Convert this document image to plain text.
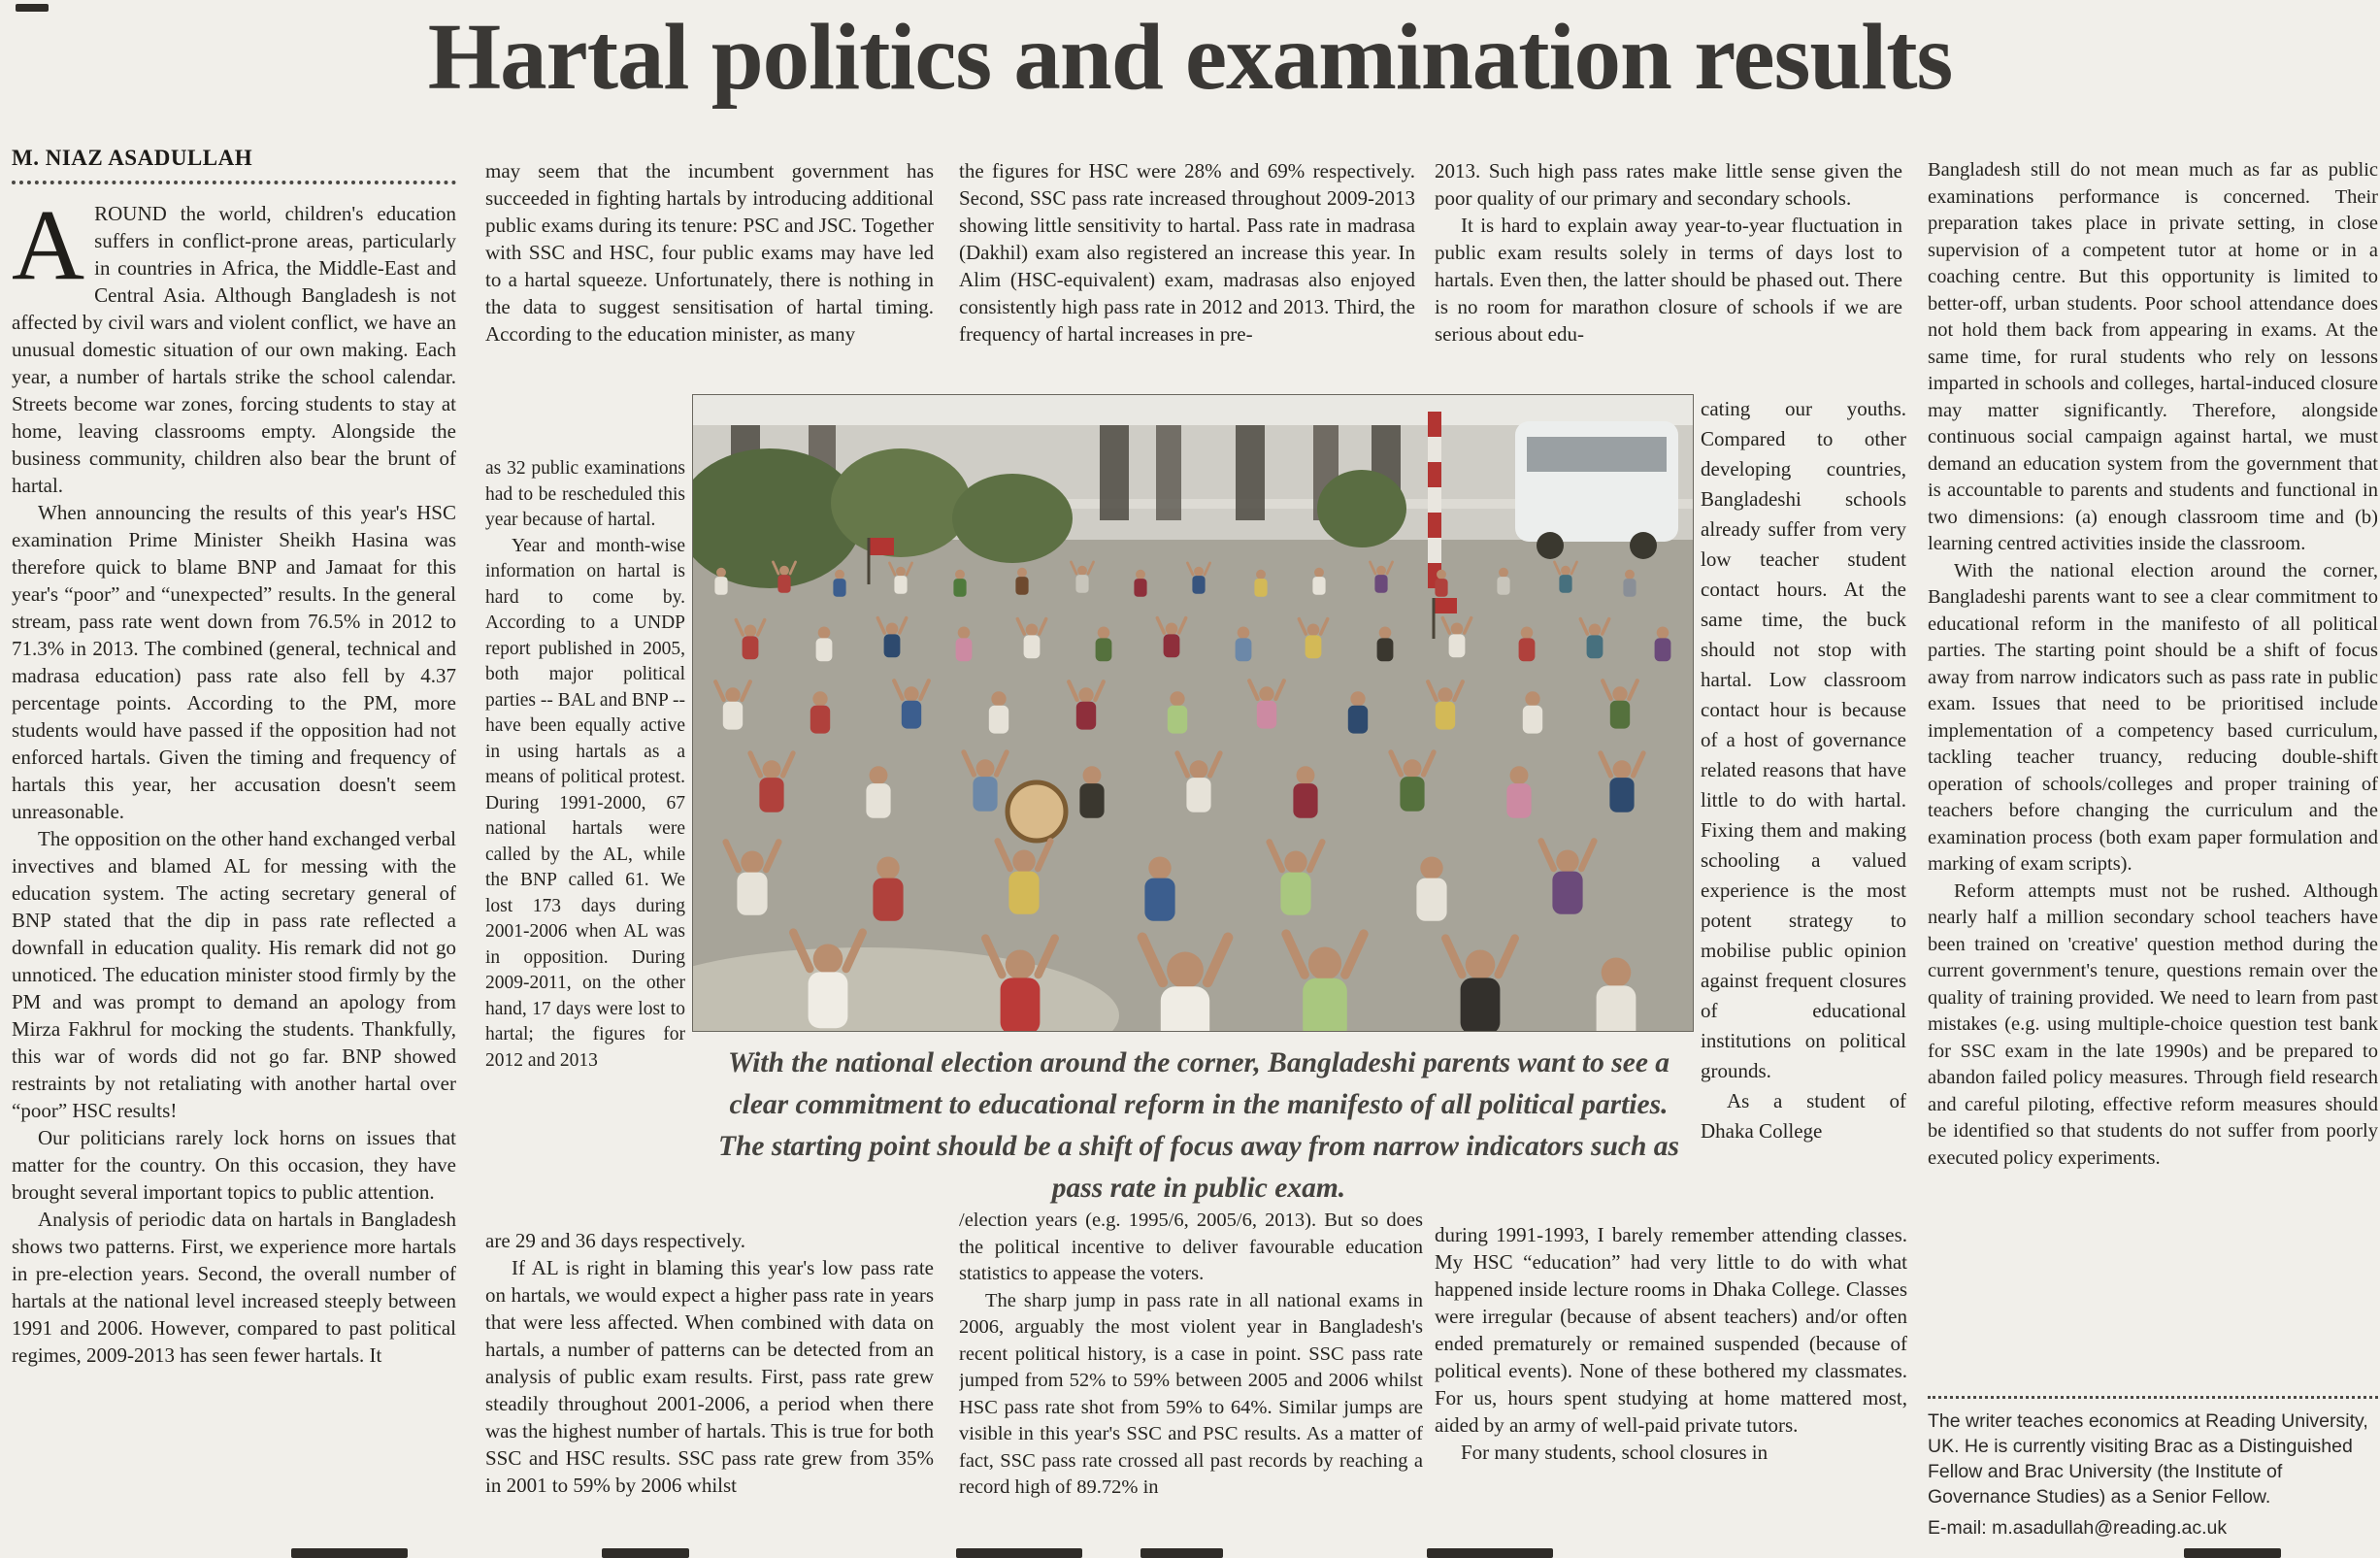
Hartal politics and examination results
M. NIAZ ASADULLAH

AROUND the world, children's education suffers in conflict-prone areas, particularly in countries in Africa, the Middle-East and Central Asia. Although Bangladesh is not affected by civil wars and violent conflict, we have an unusual domestic situation of our own making. Each year, a number of hartals strike the school calendar. Streets become war zones, forcing students to stay at home, leaving classrooms empty. Alongside the business community, children also bear the brunt of hartal.

When announcing the results of this year's HSC examination Prime Minister Sheikh Hasina was therefore quick to blame BNP and Jamaat for this year's “poor” and “unexpected” results. In the general stream, pass rate went down from 76.5% in 2012 to 71.3% in 2013. The combined (general, technical and madrasa education) pass rate also fell by 4.37 percentage points. According to the PM, more students would have passed if the opposition had not enforced hartals. Given the timing and frequency of hartals this year, her accusation doesn't seem unreasonable.

The opposition on the other hand exchanged verbal invectives and blamed AL for messing with the education system. The acting secretary general of BNP stated that the dip in pass rate reflected a downfall in education quality. His remark did not go unnoticed. The education minister stood firmly by the PM and was prompt to demand an apology from Mirza Fakhrul for mocking the students. Thankfully, this war of words did not go far. BNP showed restraints by not retaliating with another hartal over “poor” HSC results!

Our politicians rarely lock horns on issues that matter for the country. On this occasion, they have brought several important topics to public attention.

Analysis of periodic data on hartals in Bangladesh shows two patterns. First, we experience more hartals in pre-election years. Second, the overall number of hartals at the national level increased steeply between 1991 and 2006. However, compared to past political regimes, 2009-2013 has seen fewer hartals. It

may seem that the incumbent government has succeeded in fighting hartals by introducing additional public exams during its tenure: PSC and JSC. Together with SSC and HSC, four public exams may have led to a hartal squeeze. Unfortunately, there is nothing in the data to suggest sensitisation of hartal timing. According to the education minister, as many

as 32 public examinations had to be rescheduled this year because of hartal.

Year and month-wise information on hartal is hard to come by. According to a UNDP report published in 2005, both major political parties -- BAL and BNP -- have been equally active in using hartals as a means of political protest. During 1991-2000, 67 national hartals were called by the AL, while the BNP called 61. We lost 173 days during 2001-2006 when AL was in opposition. During 2009-2011, on the other hand, 17 days were lost to hartal; the figures for 2012 and 2013

are 29 and 36 days respectively.

If AL is right in blaming this year's low pass rate on hartals, we would expect a higher pass rate in years that were less affected. When combined with data on hartals, a number of patterns can be detected from an analysis of public exam results. First, pass rate grew steadily throughout 2001-2006, a period when there was the highest number of hartals. This is true for both SSC and HSC results. SSC pass rate grew from 35% in 2001 to 59% by 2006 whilst

the figures for HSC were 28% and 69% respectively. Second, SSC pass rate increased throughout 2009-2013 showing little sensitivity to hartal. Pass rate in madrasa (Dakhil) exam also registered an increase this year. In Alim (HSC-equivalent) exam, madrasas also enjoyed consistently high pass rate in 2012 and 2013. Third, the frequency of hartal increases in pre-

/election years (e.g. 1995/6, 2005/6, 2013). But so does the political incentive to deliver favourable education statistics to appease the voters.

The sharp jump in pass rate in all national exams in 2006, arguably the most violent year in Bangladesh's recent political history, is a case in point. SSC pass rate jumped from 52% to 59% between 2005 and 2006 whilst HSC pass rate shot from 59% to 64%. Similar jumps are visible in this year's SSC and PSC results. As a matter of fact, SSC pass rate crossed all past records by reaching a record high of 89.72% in

2013. Such high pass rates make little sense given the poor quality of our primary and secondary schools.

It is hard to explain away year-to-year fluctuation in public exam results solely in terms of days lost to hartals. Even then, the latter should be phased out. There is no room for marathon closure of schools if we are serious about edu-

cating our youths. Compared to other developing countries, Bangladeshi schools already suffer from very low teacher student contact hours. At the same time, the buck should not stop with hartal. Low classroom contact hour is because of a host of governance related reasons that have little to do with hartal. Fixing them and making schooling a valued experience is the most potent strategy to mobilise public opinion against frequent closures of educational institutions on political grounds.

As a student of Dhaka College

during 1991-1993, I barely remember attending classes. My HSC “education” had very little to do with what happened inside lecture rooms in Dhaka College. Classes were irregular (because of absent teachers) and/or often ended prematurely or remained suspended (because of political events). None of these bothered my classmates. For us, hours spent studying at home mattered most, aided by an army of well-paid private tutors.

For many students, school closures in

Bangladesh still do not mean much as far as public examinations performance is concerned. Their preparation takes place in private setting, in close supervision of a competent tutor at home or in a coaching centre. But this opportunity is limited to better-off, urban students. Poor school attendance does not hold them back from appearing in exams. At the same time, for rural students who rely on lessons imparted in schools and colleges, hartal-induced closure may matter significantly. Therefore, alongside continuous social campaign against hartal, we must demand an education system from the government that is accountable to parents and students and functional in two dimensions: (a) enough classroom time and (b) learning centred activities inside the classroom.

With the national election around the corner, Bangladeshi parents want to see a clear commitment to educational reform in the manifesto of all political parties. The starting point should be a shift of focus away from narrow indicators such as pass rate in public exam. Issues that need to be prioritised include implementation of a competency based curriculum, tackling teacher truancy, reducing double-shift operation of schools/colleges and proper training of teachers before changing the curriculum and the examination process (both exam paper formulation and marking of exam scripts).

Reform attempts must not be rushed. Although nearly half a million secondary school teachers have been trained on 'creative' question method during the current government's tenure, questions remain over the quality of training provided. We need to learn from past mistakes (e.g. using multiple-choice question test bank for SSC exam in the late 1990s) and be prepared to abandon failed policy measures. Through field research and careful piloting, effective reform measures should be identified so that students do not suffer from poorly executed policy experiments.

With the national election around the corner, Bangladeshi parents want to see a clear commitment to educational reform in the manifesto of all political parties. The starting point should be a shift of focus away from narrow indicators such as pass rate in public exam.

The writer teaches economics at Reading University, UK. He is currently visiting Brac as a Distinguished Fellow and Brac University (the Institute of Governance Studies) as a Senior Fellow.

E-mail: m.asadullah@reading.ac.uk
